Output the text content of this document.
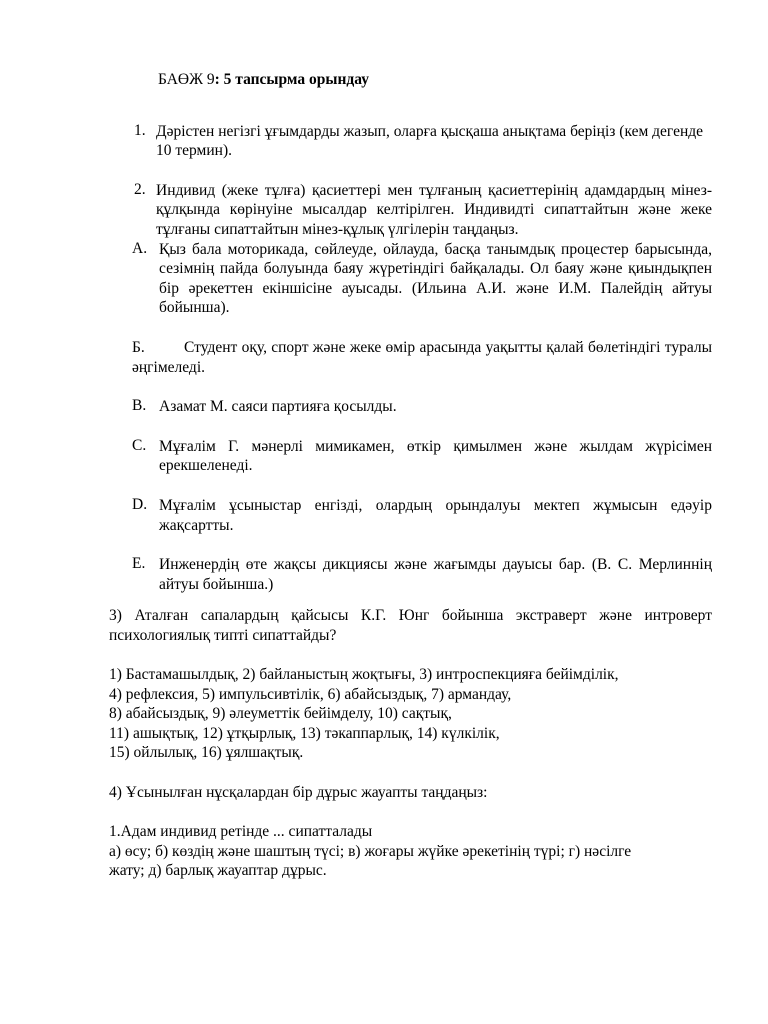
БАӨЖ 9: 5 тапсырма орындау

1. Дәрістен негізгі ұғымдарды жазып, оларға қысқаша анықтама беріңіз (кем дегенде 10 термин).

2. Индивид (жеке тұлға) қасиеттері мен тұлғаның қасиеттерінің адамдардың мінез-құлқында көрінуіне мысалдар келтірілген. Индивидті сипаттайтын және жеке тұлғаны сипаттайтын мінез-құлық үлгілерін таңдаңыз.

А. Қыз бала моторикада, сөйлеуде, ойлауда, басқа танымдық процестер барысында, сезімнің пайда болуында баяу жүретіндігі байқалады. Ол баяу және қиындықпен бір әрекеттен екіншісіне ауысады. (Ильина А.И. және И.М. Палейдің айтуы бойынша).

Б.	Студент оқу, спорт және жеке өмір арасында уақытты қалай бөлетіндігі туралы әңгімеледі.

В. Азамат М. саяси партияға қосылды.

C. Мұғалім Г. мәнерлі мимикамен, өткір қимылмен және жылдам жүрісімен ерекшеленеді.

D. Мұғалім ұсыныстар енгізді, олардың орындалуы мектеп жұмысын едәуір жақсартты.

E. Инженердің өте жақсы дикциясы және жағымды дауысы бар. (В. С. Мерлиннің айтуы бойынша.)

3) Аталған сапалардың қайсысы К.Г. Юнг бойынша экстраверт және интроверт психологиялық типті сипаттайды?

1) Бастамашылдық, 2) байланыстың жоқтығы, 3) интроспекцияға бейімділік,

4) рефлексия, 5) импульсивтілік, 6) абайсыздық, 7) армандау,

8) абайсыздық, 9) әлеуметтік бейімделу, 10) сақтық,

11) ашықтық, 12) ұтқырлық, 13) тәкаппарлық, 14) күлкілік,

15) ойлылық, 16) ұялшақтық.

4) Ұсынылған нұсқалардан бір дұрыс жауапты таңдаңыз:

1.Адам индивид ретінде ... сипатталады

а) өсу; б) көздің және шаштың түсі; в) жоғары жүйке әрекетінің түрі; г) нәсілге жату; д) барлық жауаптар дұрыс.
